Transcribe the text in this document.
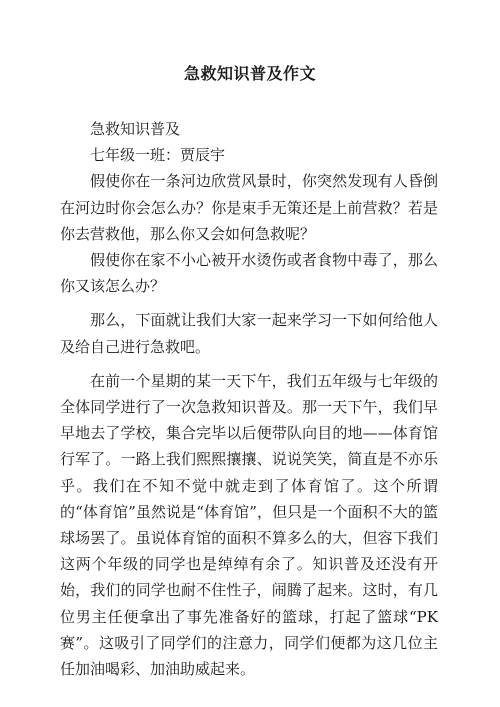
急救知识普及作文

急救知识普及

七年级一班：贾辰宇

假使你在一条河边欣赏风景时，你突然发现有人昏倒在河边时你会怎么办？你是束手无策还是上前营救？若是你去营救他，那么你又会如何急救呢？

假使你在家不小心被开水烫伤或者食物中毒了，那么你又该怎么办？

那么，下面就让我们大家一起来学习一下如何给他人及给自己进行急救吧。

在前一个星期的某一天下午，我们五年级与七年级的全体同学进行了一次急救知识普及。那一天下午，我们早早地去了学校，集合完毕以后便带队向目的地——体育馆行军了。一路上我们熙熙攘攘、说说笑笑，简直是不亦乐乎。我们在不知不觉中就走到了体育馆了。这个所谓的“体育馆”虽然说是“体育馆”，但只是一个面积不大的篮球场罢了。虽说体育馆的面积不算多么的大，但容下我们这两个年级的同学也是绰绰有余了。知识普及还没有开始，我们的同学也耐不住性子，闹腾了起来。这时，有几位男主任便拿出了事先准备好的篮球，打起了篮球“PK赛”。这吸引了同学们的注意力，同学们便都为这几位主任加油喝彩、加油助威起来。
